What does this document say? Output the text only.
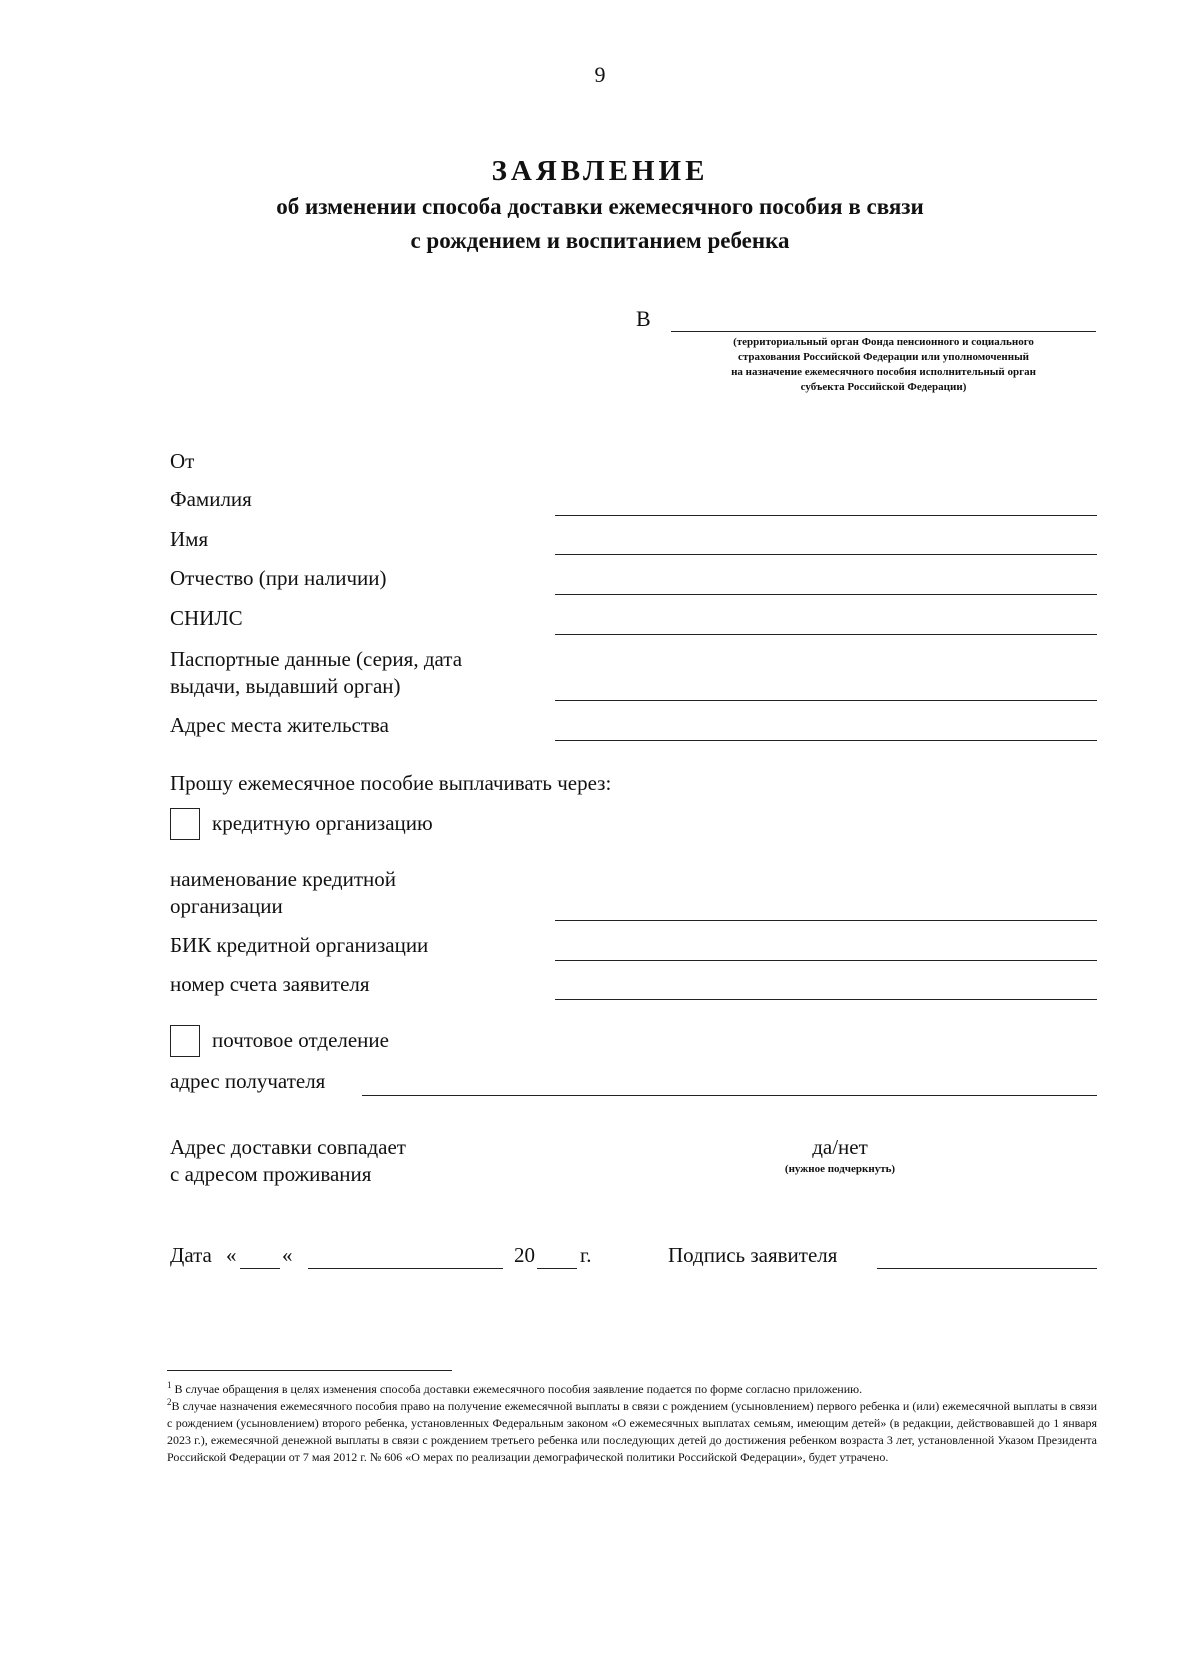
9
ЗАЯВЛЕНИЕ
об изменении способа доставки ежемесячного пособия в связи
с рождением и воспитанием ребенка
В
(территориальный орган Фонда пенсионного и социального
страхования Российской Федерации или уполномоченный
на назначение ежемесячного пособия исполнительный орган
субъекта Российской Федерации)
От
Фамилия
Имя
Отчество (при наличии)
СНИЛС
Паспортные данные (серия, дата
выдачи, выдавший орган)
Адрес места жительства
Прошу ежемесячное пособие выплачивать через:
кредитную организацию
наименование кредитной
организации
БИК кредитной организации
номер счета заявителя
почтовое отделение
адрес получателя
Адрес доставки совпадает
с адресом проживания
да/нет
(нужное подчеркнуть)
Дата « «	20 г.	Подпись заявителя

$^1$ В случае обращения в целях изменения способа доставки ежемесячного пособия заявление подается по форме согласно приложению.

$^2$В случае назначения ежемесячного пособия право на получение ежемесячной выплаты в связи с рождением (усыновлением) первого ребенка и (или) ежемесячной выплаты в связи с рождением (усыновлением) второго ребенка, установленных Федеральным законом «О ежемесячных выплатах семьям, имеющим детей» (в редакции, действовавшей до 1 января 2023 г.), ежемесячной денежной выплаты в связи с рождением третьего ребенка или последующих детей до достижения ребенком возраста 3 лет, установленной Указом Президента Российской Федерации от 7 мая 2012 г. № 606 «О мерах по реализации демографической политики Российской Федерации», будет утрачено.
